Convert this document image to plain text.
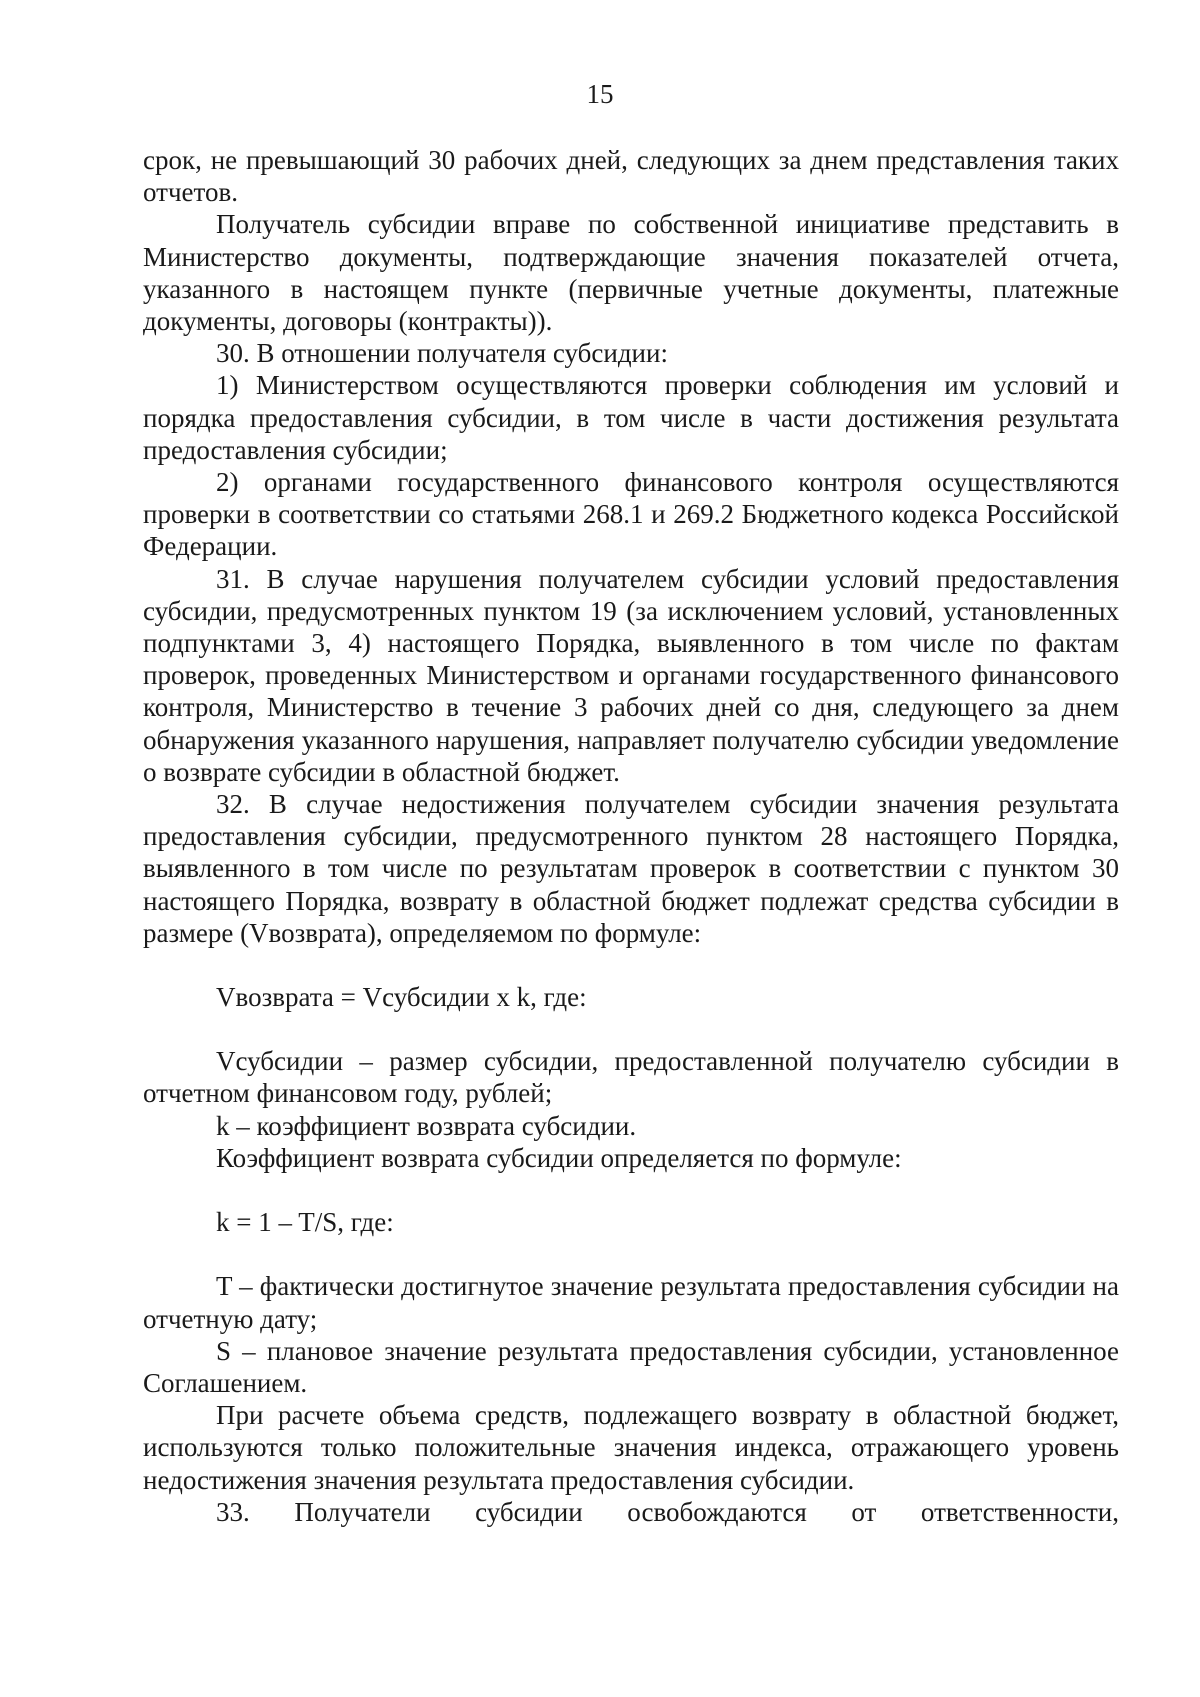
15

срок, не превышающий 30 рабочих дней, следующих за днем представления таких отчетов.

Получатель субсидии вправе по собственной инициативе представить в Министерство документы, подтверждающие значения показателей отчета, указанного в настоящем пункте (первичные учетные документы, платежные документы, договоры (контракты)).

30. В отношении получателя субсидии:

1) Министерством осуществляются проверки соблюдения им условий и порядка предоставления субсидии, в том числе в части достижения результата предоставления субсидии;

2) органами государственного финансового контроля осуществляются проверки в соответствии со статьями 268.1 и 269.2 Бюджетного кодекса Российской Федерации.

31. В случае нарушения получателем субсидии условий предоставления субсидии, предусмотренных пунктом 19 (за исключением условий, установленных подпунктами 3, 4) настоящего Порядка, выявленного в том числе по фактам проверок, проведенных Министерством и органами государственного финансового контроля, Министерство в течение 3 рабочих дней со дня, следующего за днем обнаружения указанного нарушения, направляет получателю субсидии уведомление о возврате субсидии в областной бюджет.

32. В случае недостижения получателем субсидии значения результата предоставления субсидии, предусмотренного пунктом 28 настоящего Порядка, выявленного в том числе по результатам проверок в соответствии с пунктом 30 настоящего Порядка, возврату в областной бюджет подлежат средства субсидии в размере (Vвозврата), определяемом по формуле:

Vвозврата = Vсубсидии x k, где:

Vсубсидии – размер субсидии, предоставленной получателю субсидии в отчетном финансовом году, рублей;

k – коэффициент возврата субсидии.

Коэффициент возврата субсидии определяется по формуле:

k = 1 – T/S, где:

T – фактически достигнутое значение результата предоставления субсидии на отчетную дату;

S – плановое значение результата предоставления субсидии, установленное Соглашением.

При расчете объема средств, подлежащего возврату в областной бюджет, используются только положительные значения индекса, отражающего уровень недостижения значения результата предоставления субсидии.

33. Получатели субсидии освобождаются от ответственности,
